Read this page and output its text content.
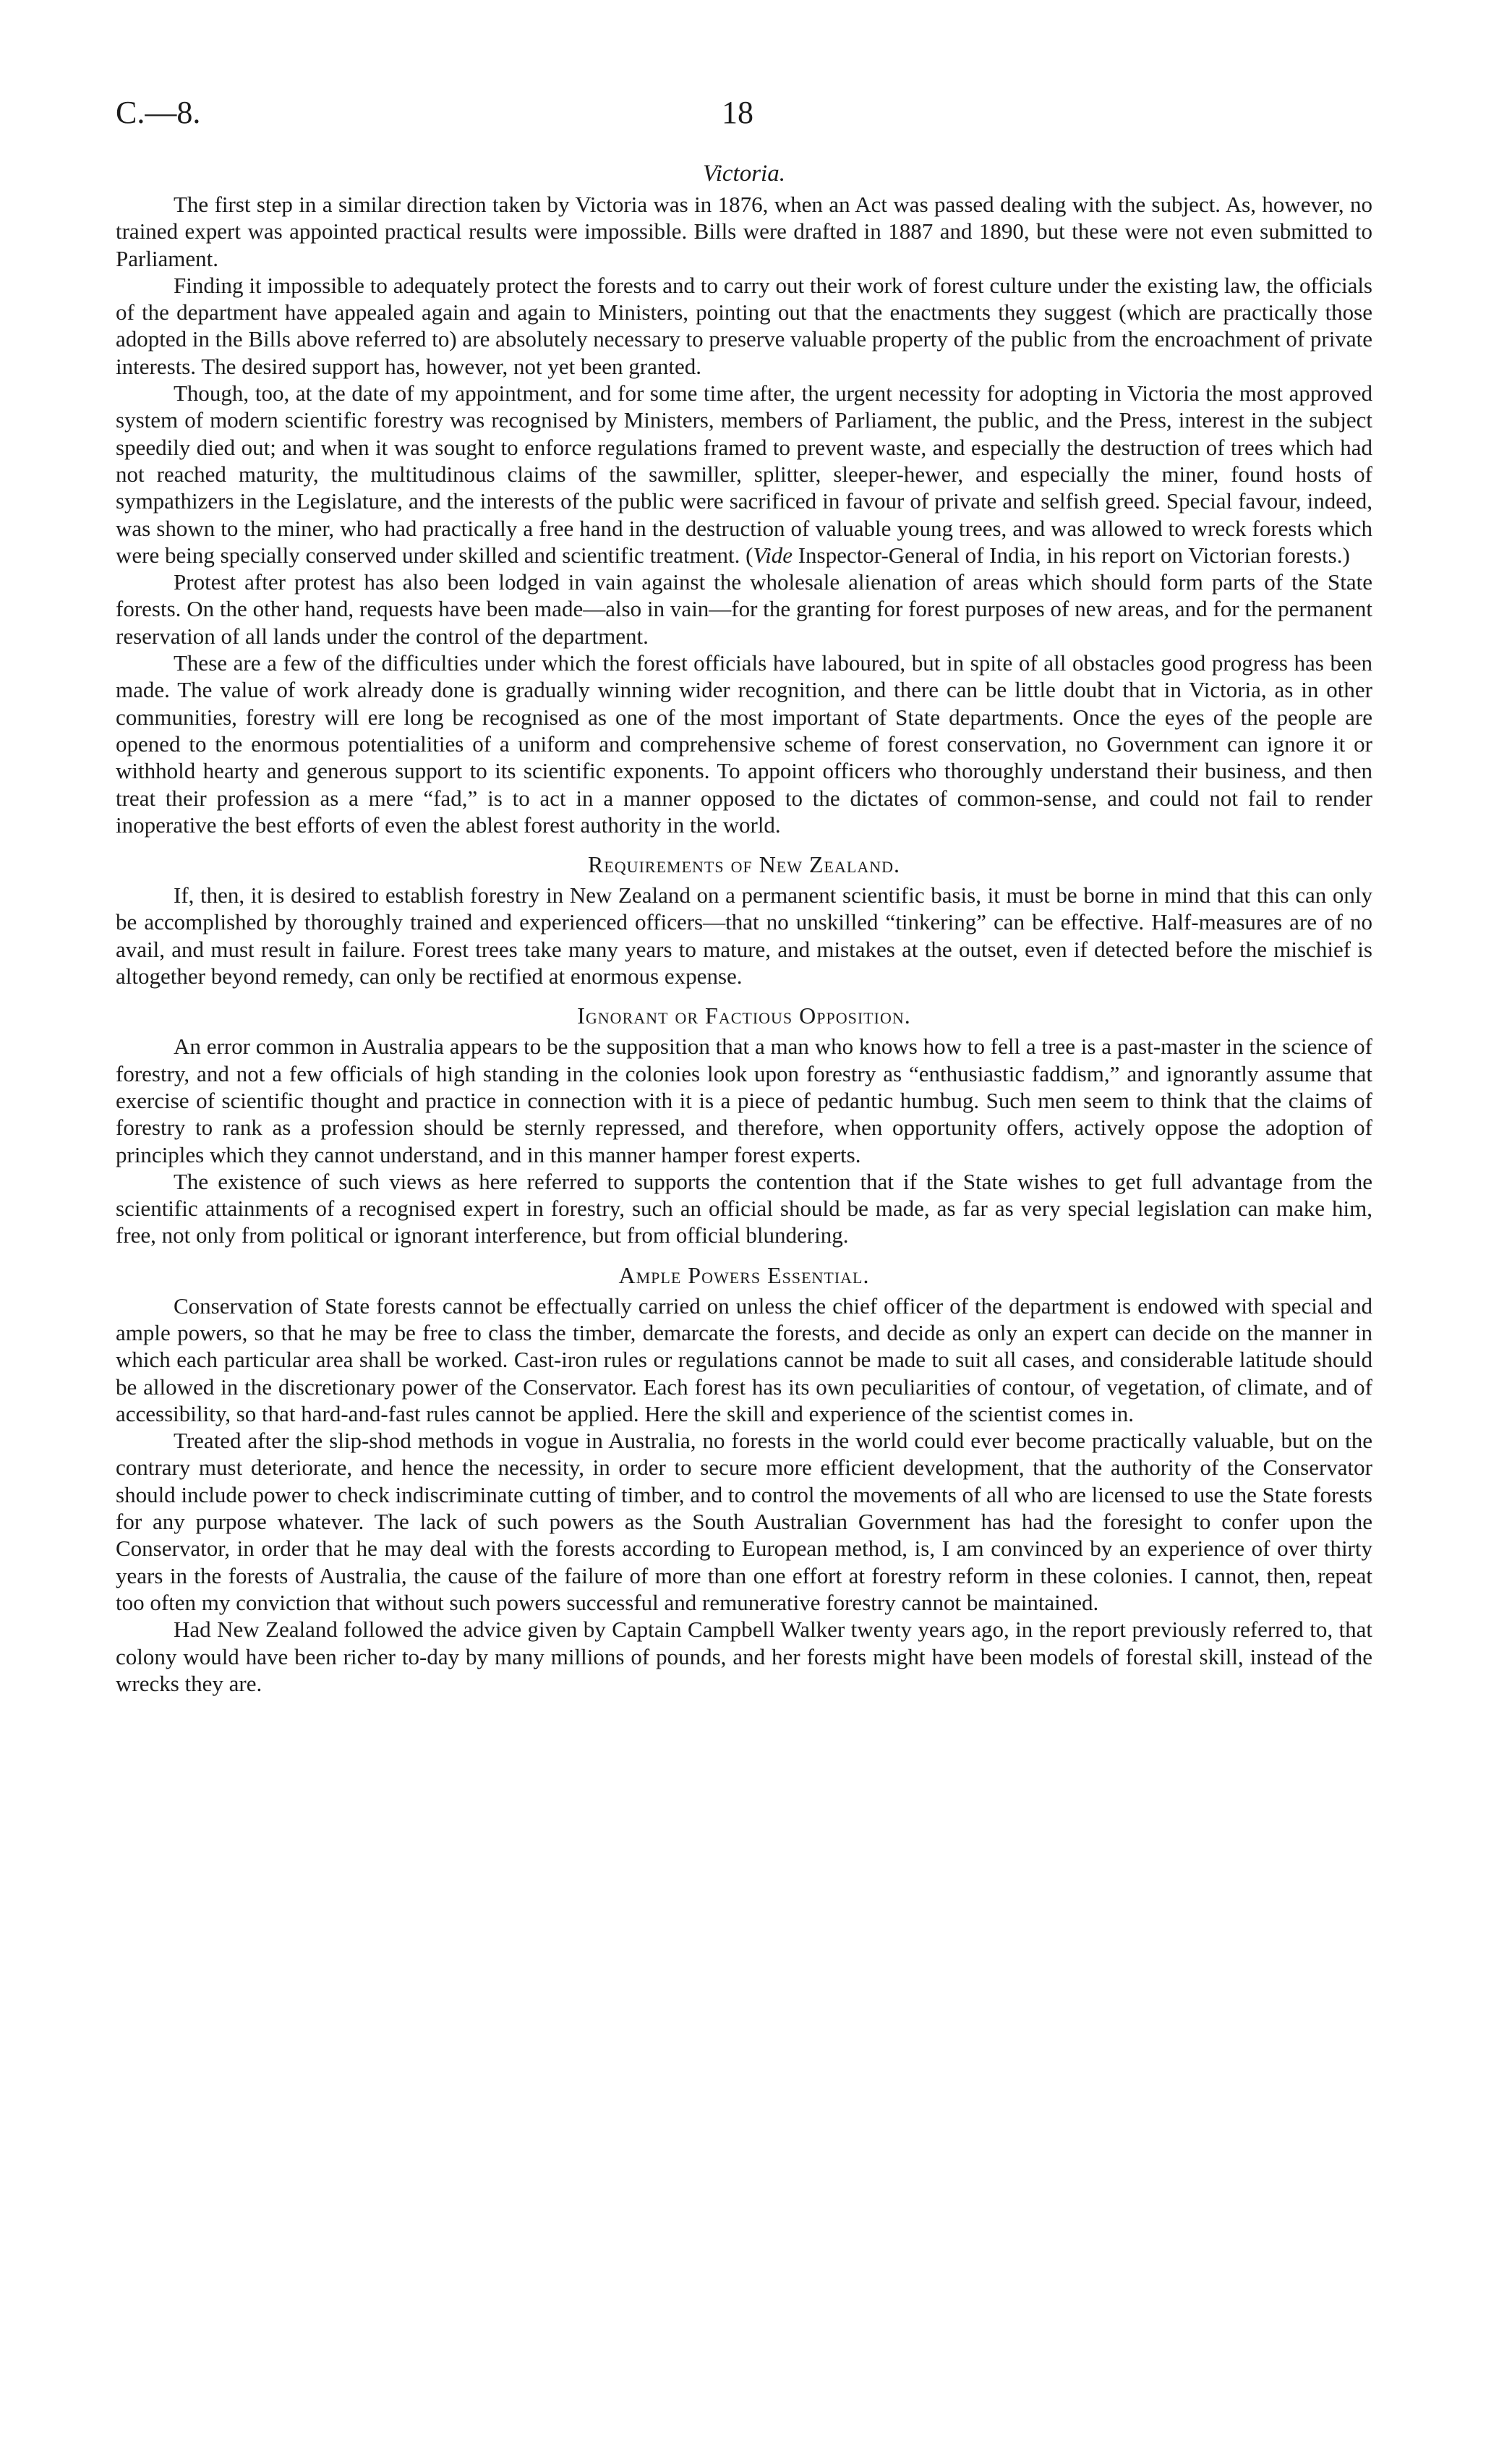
C.—8.	18
Victoria.

The first step in a similar direction taken by Victoria was in 1876, when an Act was passed dealing with the subject. As, however, no trained expert was appointed practical results were impossible. Bills were drafted in 1887 and 1890, but these were not even submitted to Parliament.

Finding it impossible to adequately protect the forests and to carry out their work of forest culture under the existing law, the officials of the department have appealed again and again to Ministers, pointing out that the enactments they suggest (which are practically those adopted in the Bills above referred to) are absolutely necessary to preserve valuable property of the public from the encroachment of private interests. The desired support has, however, not yet been granted.

Though, too, at the date of my appointment, and for some time after, the urgent necessity for adopting in Victoria the most approved system of modern scientific forestry was recognised by Ministers, members of Parliament, the public, and the Press, interest in the subject speedily died out; and when it was sought to enforce regulations framed to prevent waste, and especially the destruction of trees which had not reached maturity, the multitudinous claims of the sawmiller, splitter, sleeper-hewer, and especially the miner, found hosts of sympathizers in the Legislature, and the interests of the public were sacrificed in favour of private and selfish greed. Special favour, indeed, was shown to the miner, who had practically a free hand in the destruction of valuable young trees, and was allowed to wreck forests which were being specially conserved under skilled and scientific treatment. (Vide Inspector-General of India, in his report on Victorian forests.)

Protest after protest has also been lodged in vain against the wholesale alienation of areas which should form parts of the State forests. On the other hand, requests have been made—also in vain—for the granting for forest purposes of new areas, and for the permanent reservation of all lands under the control of the department.

These are a few of the difficulties under which the forest officials have laboured, but in spite of all obstacles good progress has been made. The value of work already done is gradually winning wider recognition, and there can be little doubt that in Victoria, as in other communities, forestry will ere long be recognised as one of the most important of State departments. Once the eyes of the people are opened to the enormous potentialities of a uniform and comprehensive scheme of forest conservation, no Government can ignore it or withhold hearty and generous support to its scientific exponents. To appoint officers who thoroughly understand their business, and then treat their profession as a mere “fad,” is to act in a manner opposed to the dictates of common-sense, and could not fail to render inoperative the best efforts of even the ablest forest authority in the world.

Requirements of New Zealand.

If, then, it is desired to establish forestry in New Zealand on a permanent scientific basis, it must be borne in mind that this can only be accomplished by thoroughly trained and experienced officers—that no unskilled “tinkering” can be effective. Half-measures are of no avail, and must result in failure. Forest trees take many years to mature, and mistakes at the outset, even if detected before the mischief is altogether beyond remedy, can only be rectified at enormous expense.

Ignorant or Factious Opposition.

An error common in Australia appears to be the supposition that a man who knows how to fell a tree is a past-master in the science of forestry, and not a few officials of high standing in the colonies look upon forestry as “enthusiastic faddism,” and ignorantly assume that exercise of scientific thought and practice in connection with it is a piece of pedantic humbug. Such men seem to think that the claims of forestry to rank as a profession should be sternly repressed, and therefore, when opportunity offers, actively oppose the adoption of principles which they cannot understand, and in this manner hamper forest experts.

The existence of such views as here referred to supports the contention that if the State wishes to get full advantage from the scientific attainments of a recognised expert in forestry, such an official should be made, as far as very special legislation can make him, free, not only from political or ignorant interference, but from official blundering.

Ample Powers Essential.

Conservation of State forests cannot be effectually carried on unless the chief officer of the department is endowed with special and ample powers, so that he may be free to class the timber, demarcate the forests, and decide as only an expert can decide on the manner in which each particular area shall be worked. Cast-iron rules or regulations cannot be made to suit all cases, and considerable latitude should be allowed in the discretionary power of the Conservator. Each forest has its own peculiarities of contour, of vegetation, of climate, and of accessibility, so that hard-and-fast rules cannot be applied. Here the skill and experience of the scientist comes in.

Treated after the slip-shod methods in vogue in Australia, no forests in the world could ever become practically valuable, but on the contrary must deteriorate, and hence the necessity, in order to secure more efficient development, that the authority of the Conservator should include power to check indiscriminate cutting of timber, and to control the movements of all who are licensed to use the State forests for any purpose whatever. The lack of such powers as the South Australian Government has had the foresight to confer upon the Conservator, in order that he may deal with the forests according to European method, is, I am convinced by an experience of over thirty years in the forests of Australia, the cause of the failure of more than one effort at forestry reform in these colonies. I cannot, then, repeat too often my conviction that without such powers successful and remunerative forestry cannot be maintained.

Had New Zealand followed the advice given by Captain Campbell Walker twenty years ago, in the report previously referred to, that colony would have been richer to-day by many millions of pounds, and her forests might have been models of forestal skill, instead of the wrecks they are.
